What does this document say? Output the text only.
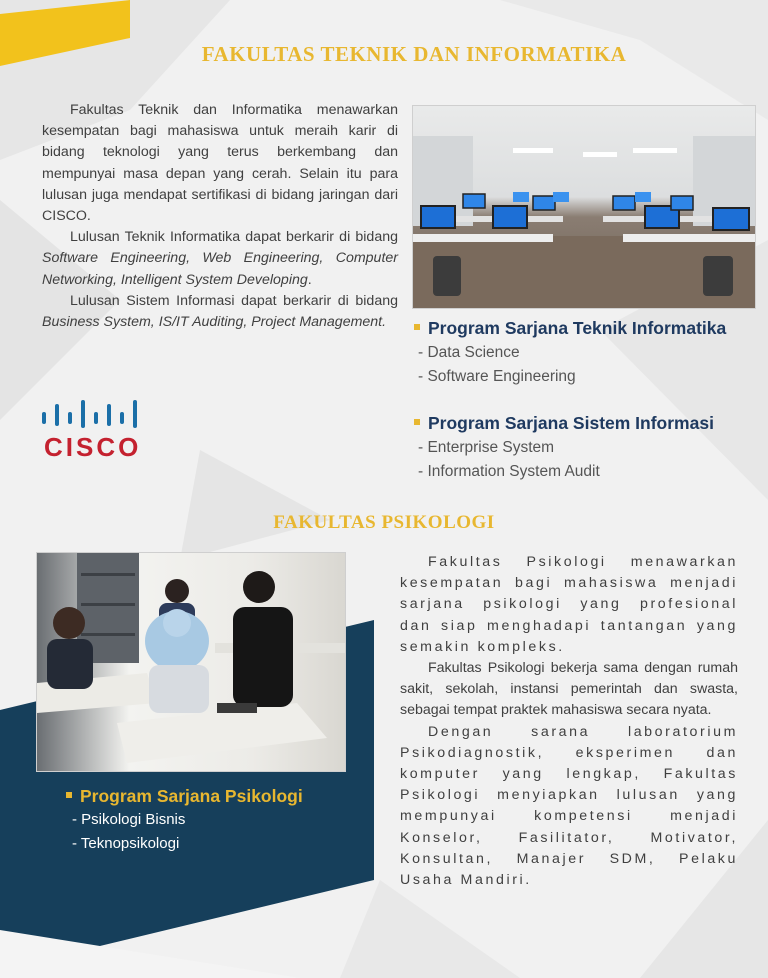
FAKULTAS TEKNIK DAN INFORMATIKA

Fakultas Teknik dan Informatika menawarkan kesempatan bagi mahasiswa untuk meraih karir di bidang teknologi yang terus berkembang dan mempunyai masa depan yang cerah. Selain itu para lulusan juga mendapat sertifikasi di bidang jaringan dari CISCO.

Lulusan Teknik Informatika dapat berkarir di bidang Software Engineering, Web Engineering, Computer Networking, Intelligent System Developing.

Lulusan Sistem Informasi dapat berkarir di bidang Business System, IS/IT Auditing, Project Management.	Program Sarjana Teknik Informatika

- Data Science

- Software Engineering

Program Sarjana Sistem Informasi

- Enterprise System

- Information System Audit

CISCO

FAKULTAS PSIKOLOGI

Fakultas Psikologi menawarkan kesempatan bagi mahasiswa menjadi sarjana psikologi yang profesional dan siap menghadapi tantangan yang semakin kompleks.

Fakultas Psikologi bekerja sama dengan rumah sakit, sekolah, instansi pemerintah dan swasta, sebagai tempat praktek mahasiswa secara nyata.

Dengan sarana laboratorium Psikodiagnostik, eksperimen dan komputer yang lengkap, Fakultas Psikologi menyiapkan lulusan yang mempunyai kompetensi menjadi Konselor, Fasilitator, Motivator, Konsultan, Manajer SDM, Pelaku Usaha Mandiri.

Program Sarjana Psikologi

- Psikologi Bisnis

- Teknopsikologi
